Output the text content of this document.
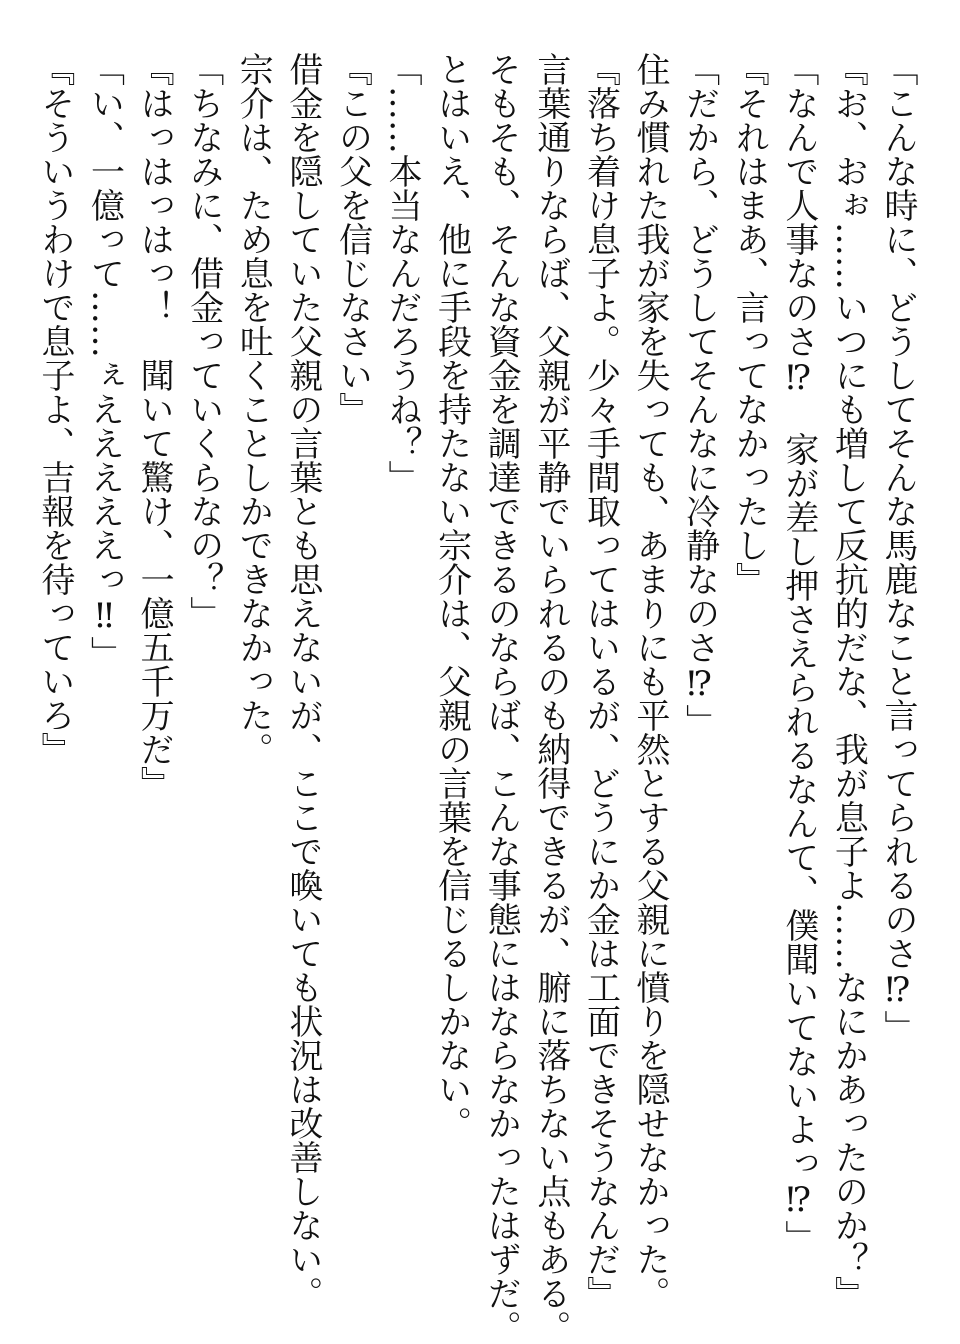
「こんな時に、どうしてそんな馬鹿なこと言ってられるのさ⁉」
『お、おぉ……いつにも増して反抗的だな、我が息子よ……なにかあったのか？』
「なんで人事なのさ⁉　家が差し押さえられるなんて、僕聞いてないよっ⁉」
『それはまあ、言ってなかったし』
「だから、どうしてそんなに冷静なのさ⁉」
住み慣れた我が家を失っても、あまりにも平然とする父親に憤りを隠せなかった。
『落ち着け息子よ。少々手間取ってはいるが、どうにか金は工面できそうなんだ』
言葉通りならば、父親が平静でいられるのも納得できるが、腑に落ちない点もある。
そもそも、そんな資金を調達できるのならば、こんな事態にはならなかったはずだ。
とはいえ、他に手段を持たない宗介は、父親の言葉を信じるしかない。
「……本当なんだろうね？」
『この父を信じなさい』
借金を隠していた父親の言葉とも思えないが、ここで喚いても状況は改善しない。
宗介は、ため息を吐くことしかできなかった。
「ちなみに、借金っていくらなの？」
『はっはっはっ！　聞いて驚け、一億五千万だ』
「い、一億って……ぇえええええっ‼」
『そういうわけで息子よ、吉報を待っていろ』
